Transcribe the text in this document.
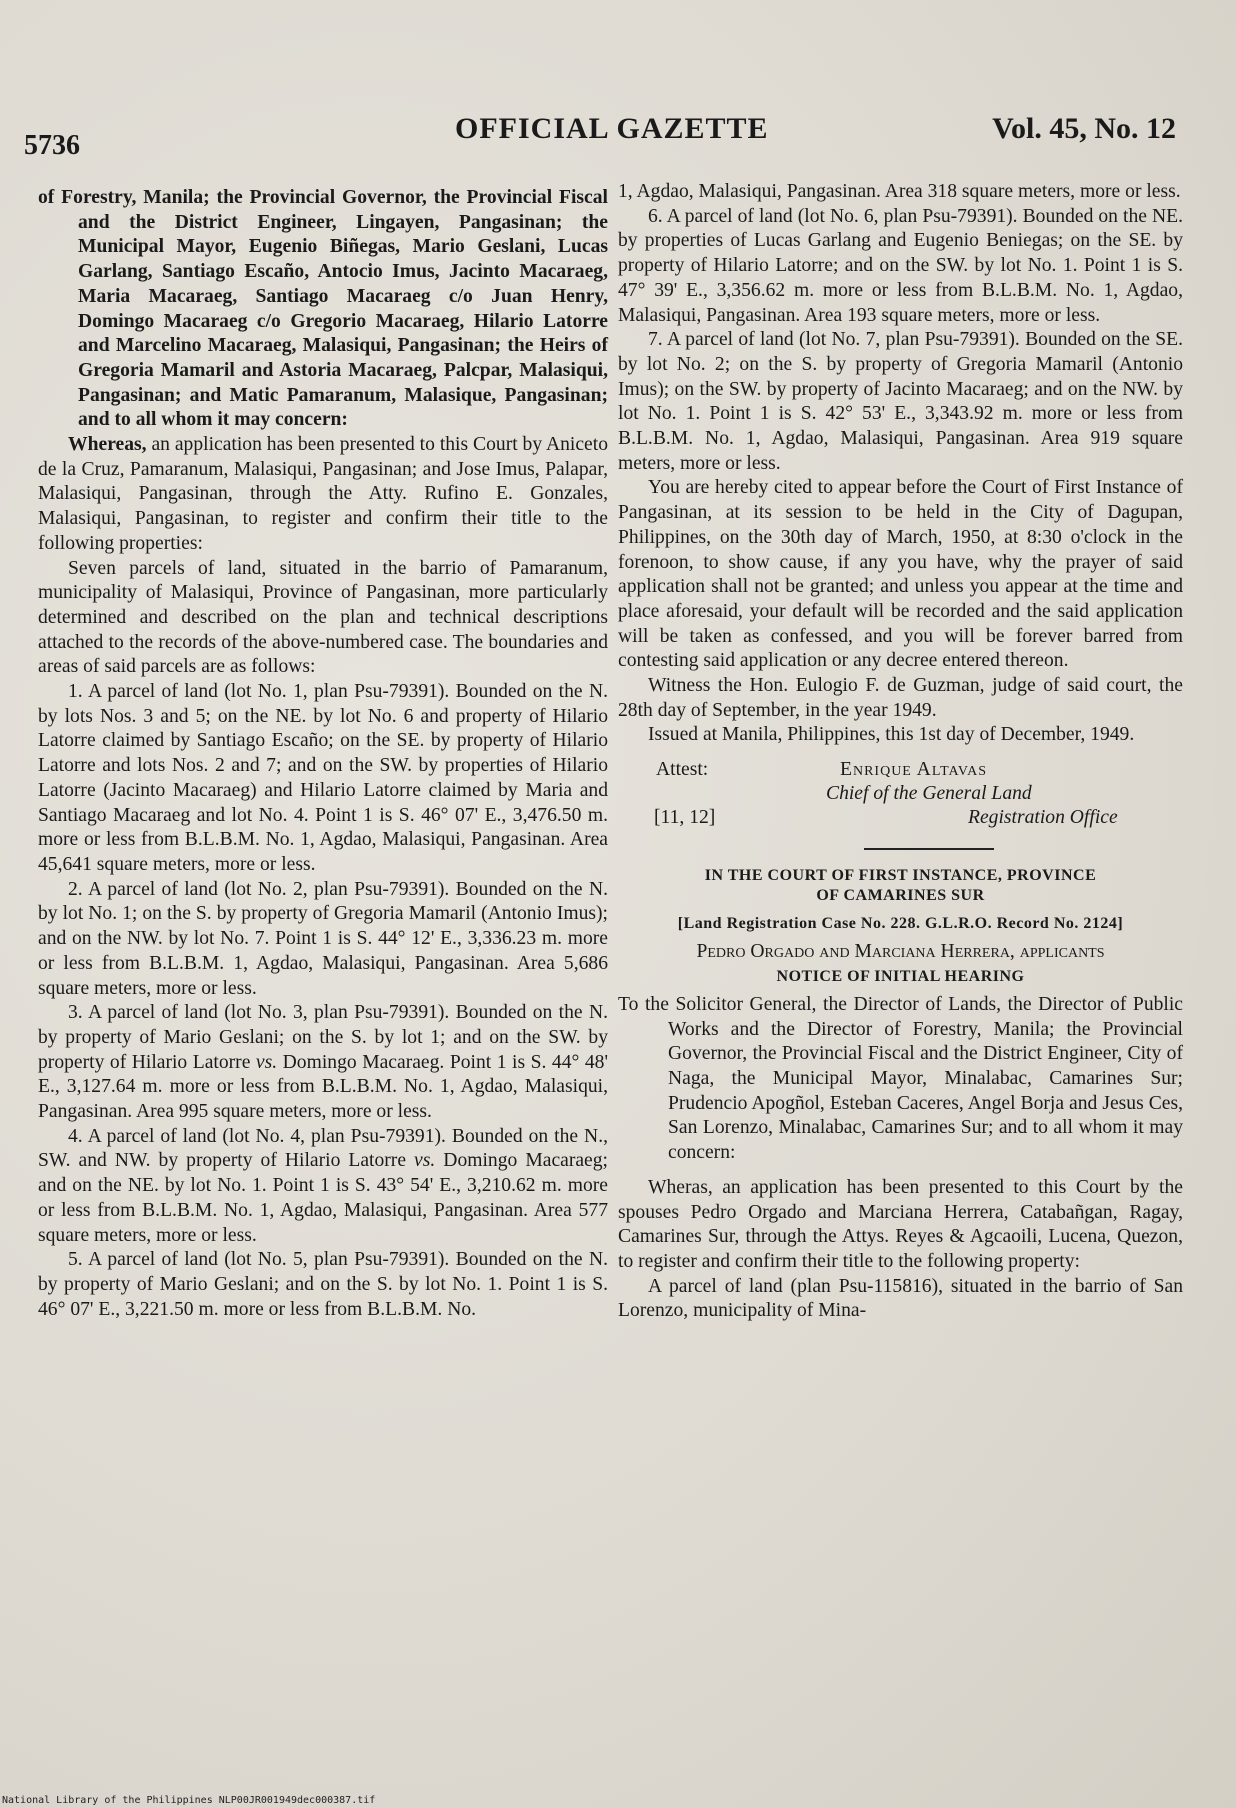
5736
OFFICIAL GAZETTE	Vol. 45, No. 12

of Forestry, Manila; the Provincial Governor, the Provincial Fiscal and the District Engineer, Lingayen, Pangasinan; the Municipal Mayor, Eugenio Biñegas, Mario Geslani, Lucas Garlang, Santiago Escaño, Antocio Imus, Jacinto Macaraeg, Maria Macaraeg, Santiago Macaraeg c/o Juan Henry, Domingo Macaraeg c/o Gregorio Macaraeg, Hilario Latorre and Marcelino Macaraeg, Malasiqui, Pangasinan; the Heirs of Gregoria Mamaril and Astoria Macaraeg, Palcpar, Malasiqui, Pangasinan; and Matic Pamaranum, Malasique, Pangasinan; and to all whom it may concern:

Whereas, an application has been presented to this Court by Aniceto de la Cruz, Pamaranum, Malasiqui, Pangasinan; and Jose Imus, Palapar, Malasiqui, Pangasinan, through the Atty. Rufino E. Gonzales, Malasiqui, Pangasinan, to register and confirm their title to the following properties:

Seven parcels of land, situated in the barrio of Pamaranum, municipality of Malasiqui, Province of Pangasinan, more particularly determined and described on the plan and technical descriptions attached to the records of the above-numbered case. The boundaries and areas of said parcels are as follows:

1. A parcel of land (lot No. 1, plan Psu-79391). Bounded on the N. by lots Nos. 3 and 5; on the NE. by lot No. 6 and property of Hilario Latorre claimed by Santiago Escaño; on the SE. by property of Hilario Latorre and lots Nos. 2 and 7; and on the SW. by properties of Hilario Latorre (Jacinto Macaraeg) and Hilario Latorre claimed by Maria and Santiago Macaraeg and lot No. 4. Point 1 is S. 46° 07' E., 3,476.50 m. more or less from B.L.B.M. No. 1, Agdao, Malasiqui, Pangasinan. Area 45,641 square meters, more or less.

2. A parcel of land (lot No. 2, plan Psu-79391). Bounded on the N. by lot No. 1; on the S. by property of Gregoria Mamaril (Antonio Imus); and on the NW. by lot No. 7. Point 1 is S. 44° 12' E., 3,336.23 m. more or less from B.L.B.M. 1, Agdao, Malasiqui, Pangasinan. Area 5,686 square meters, more or less.

3. A parcel of land (lot No. 3, plan Psu-79391). Bounded on the N. by property of Mario Geslani; on the S. by lot 1; and on the SW. by property of Hilario Latorre vs. Domingo Macaraeg. Point 1 is S. 44° 48' E., 3,127.64 m. more or less from B.L.B.M. No. 1, Agdao, Malasiqui, Pangasinan. Area 995 square meters, more or less.

4. A parcel of land (lot No. 4, plan Psu-79391). Bounded on the N., SW. and NW. by property of Hilario Latorre vs. Domingo Macaraeg; and on the NE. by lot No. 1. Point 1 is S. 43° 54' E., 3,210.62 m. more or less from B.L.B.M. No. 1, Agdao, Malasiqui, Pangasinan. Area 577 square meters, more or less.

5. A parcel of land (lot No. 5, plan Psu-79391). Bounded on the N. by property of Mario Geslani; and on the S. by lot No. 1. Point 1 is S. 46° 07' E., 3,221.50 m. more or less from B.L.B.M. No.

1, Agdao, Malasiqui, Pangasinan. Area 318 square meters, more or less.

6. A parcel of land (lot No. 6, plan Psu-79391). Bounded on the NE. by properties of Lucas Garlang and Eugenio Beniegas; on the SE. by property of Hilario Latorre; and on the SW. by lot No. 1. Point 1 is S. 47° 39' E., 3,356.62 m. more or less from B.L.B.M. No. 1, Agdao, Malasiqui, Pangasinan. Area 193 square meters, more or less.

7. A parcel of land (lot No. 7, plan Psu-79391). Bounded on the SE. by lot No. 2; on the S. by property of Gregoria Mamaril (Antonio Imus); on the SW. by property of Jacinto Macaraeg; and on the NW. by lot No. 1. Point 1 is S. 42° 53' E., 3,343.92 m. more or less from B.L.B.M. No. 1, Agdao, Malasiqui, Pangasinan. Area 919 square meters, more or less.

You are hereby cited to appear before the Court of First Instance of Pangasinan, at its session to be held in the City of Dagupan, Philippines, on the 30th day of March, 1950, at 8:30 o'clock in the forenoon, to show cause, if any you have, why the prayer of said application shall not be granted; and unless you appear at the time and place aforesaid, your default will be recorded and the said application will be taken as confessed, and you will be forever barred from contesting said application or any decree entered thereon.

Witness the Hon. Eulogio F. de Guzman, judge of said court, the 28th day of September, in the year 1949.

Issued at Manila, Philippines, this 1st day of December, 1949.

Attest:	Enrique Altavas
Chief of the General Land
[11, 12]	Registration Office

IN THE COURT OF FIRST INSTANCE, PROVINCE

OF CAMARINES SUR

[Land Registration Case No. 228. G.L.R.O. Record No. 2124]

Pedro Orgado and Marciana Herrera, applicants

NOTICE OF INITIAL HEARING

To the Solicitor General, the Director of Lands, the Director of Public Works and the Director of Forestry, Manila; the Provincial Governor, the Provincial Fiscal and the District Engineer, City of Naga, the Municipal Mayor, Minalabac, Camarines Sur; Prudencio Apogñol, Esteban Caceres, Angel Borja and Jesus Ces, San Lorenzo, Minalabac, Camarines Sur; and to all whom it may concern:

Wheras, an application has been presented to this Court by the spouses Pedro Orgado and Marciana Herrera, Catabañgan, Ragay, Camarines Sur, through the Attys. Reyes & Agcaoili, Lucena, Quezon, to register and confirm their title to the following property:

A parcel of land (plan Psu-115816), situated in the barrio of San Lorenzo, municipality of Mina-

National Library of the Philippines NLP00JR001949dec000387.tif
